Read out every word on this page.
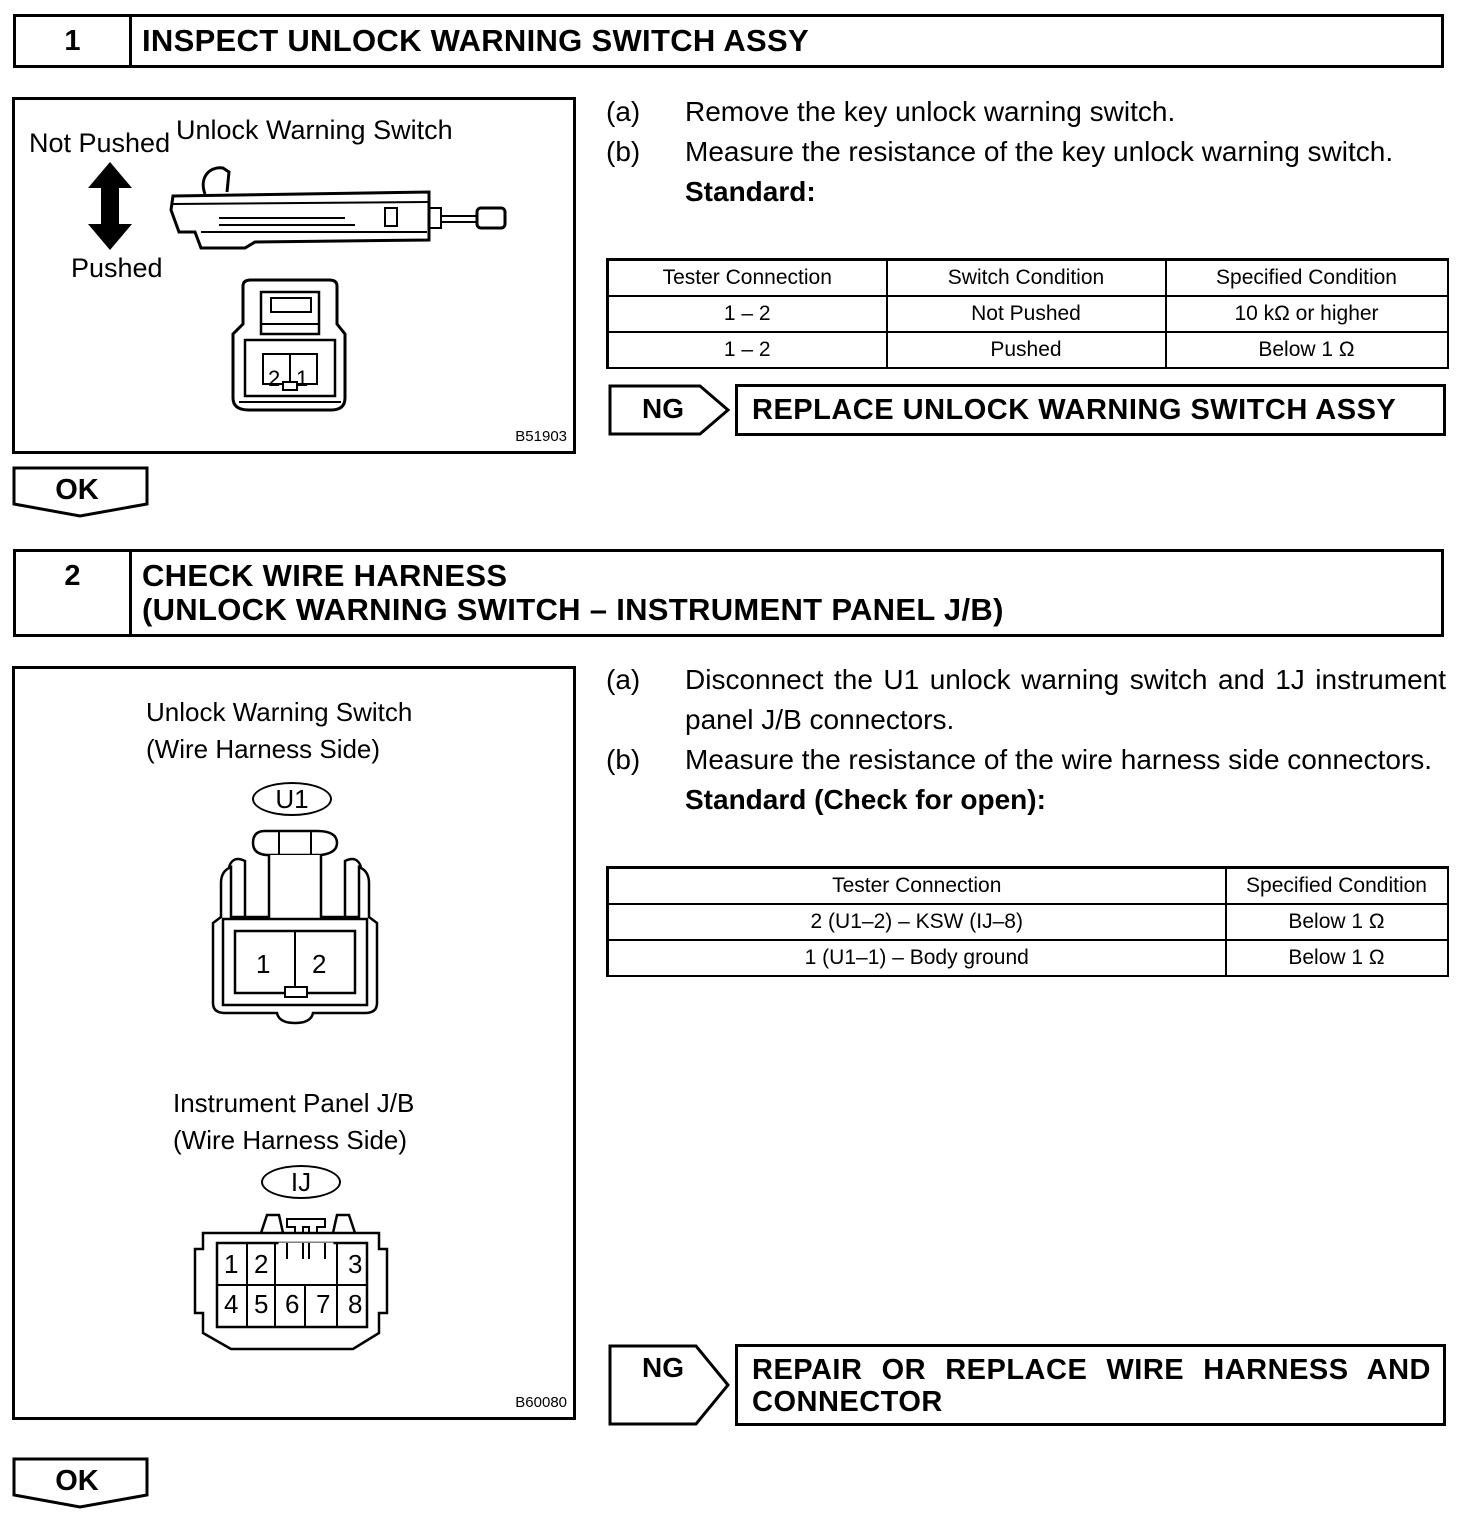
1	INSPECT UNLOCK WARNING SWITCH ASSY
Not Pushed Unlock Warning Switch
Pushed
2 1
B51903
(a) Remove the key unlock warning switch.
(b) Measure the resistance of the key unlock warning switch.
Standard:
Tester Connection	Switch Condition	Specified Condition
1 – 2	Not Pushed	10 kΩ or higher
1 – 2	Pushed	Below 1 Ω
NG	REPLACE UNLOCK WARNING SWITCH ASSY
OK
2	CHECK WIRE HARNESS
(UNLOCK WARNING SWITCH – INSTRUMENT PANEL J/B)
Unlock Warning Switch
(Wire Harness Side)
U1
1 2
Instrument Panel J/B
(Wire Harness Side)
IJ
1 2	3
4 5 6 7 8
B60080
(a) Disconnect the U1 unlock warning switch and 1J instrument panel J/B connectors.
(b) Measure the resistance of the wire harness side connectors.
Standard (Check for open):
Tester Connection	Specified Condition
2 (U1–2) – KSW (IJ–8)	Below 1 Ω
1 (U1–1) – Body ground	Below 1 Ω
NG REPAIR OR REPLACE WIRE HARNESS AND
CONNECTOR
OK
